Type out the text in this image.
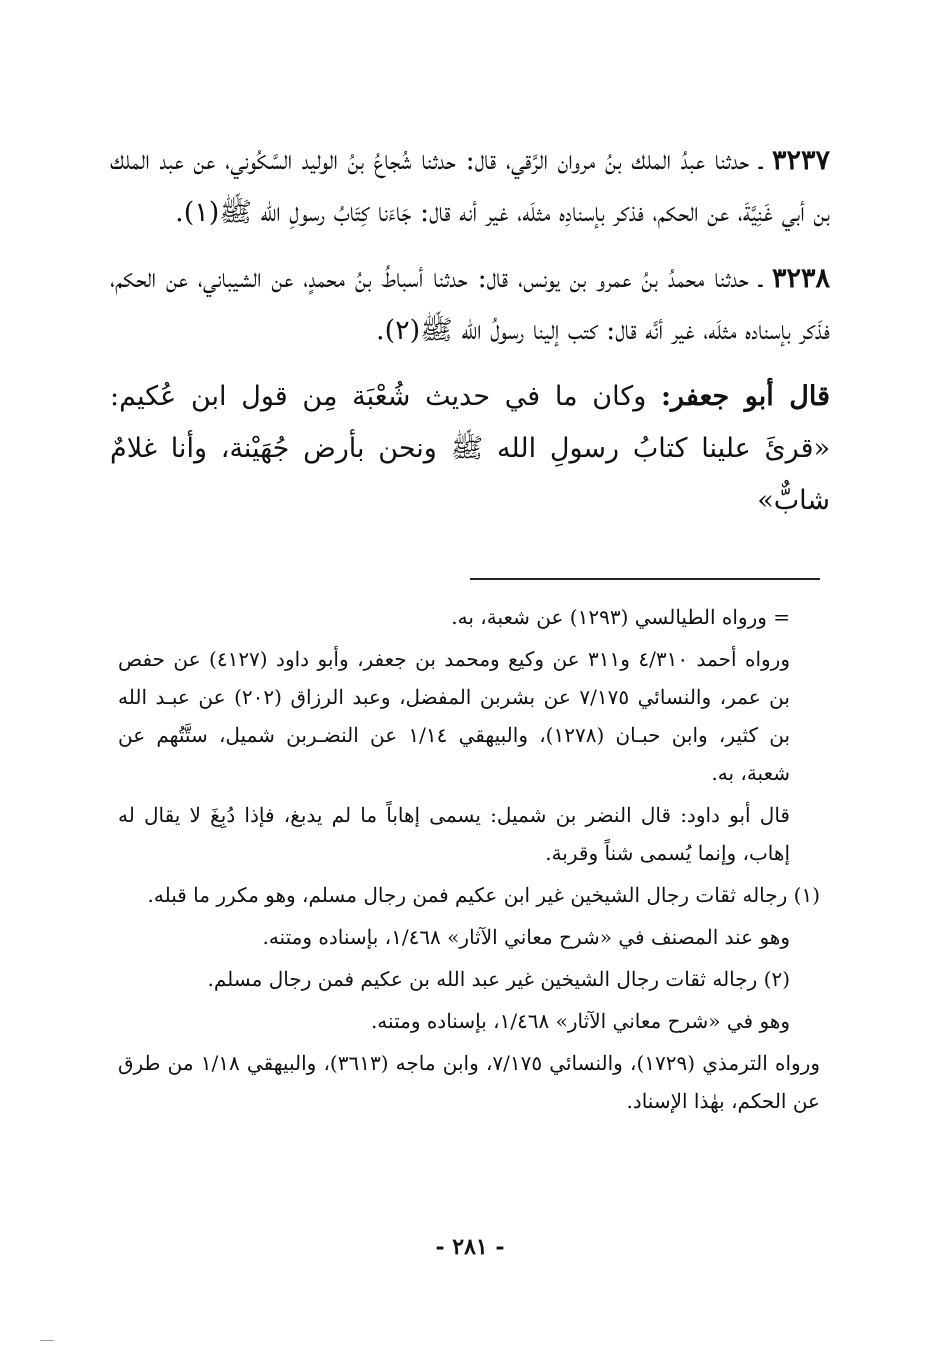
٣٢٣٧ ـ حدثنا عبدُ الملك بنُ مروان الرَّقي، قال: حدثنا شُجاعُ بنُ الوليد السَّكُوني، عن عبد الملك بن أبي غَنِيَّةَ، عن الحكم، فذكر بإسنادِه مثلَه، غير أنه قال: جَاءَنا كِتَابُ رسولِ الله ﷺ(١).

٣٢٣٨ ـ حدثنا محمدُ بنُ عمرو بن يونس، قال: حدثنا أسباطُ بنُ محمدٍ، عن الشيباني، عن الحكم، فذَكر بإسناده مثلَه، غير أنَّه قال: كتب إلينا رسولُ الله ﷺ(٢).

قال أبو جعفر: وكان ما في حديث شُعْبَة مِن قول ابن عُكيم: «قرئَ علينا كتابُ رسولِ الله ﷺ ونحن بأرض جُهَيْنة، وأنا غلامٌ شابٌّ»

= ورواه الطيالسي (١٢٩٣) عن شعبة، به.

ورواه أحمد ٤/٣١٠ و٣١١ عن وكيع ومحمد بن جعفر، وأبو داود (٤١٢٧) عن حفص بن عمر، والنسائي ٧/١٧٥ عن بشربن المفضل، وعبد الرزاق (٢٠٢) عن عبـد الله بن كثير، وابن حبـان (١٢٧٨)، والبيهقي ١/١٤ عن النضـربن شميل، ستَّتُهم عن شعبة، به.

قال أبو داود: قال النضر بن شميل: يسمى إهاباً ما لم يدبغ، فإذا دُبِغَ لا يقال له إهاب، وإنما يُسمى شناً وقربة.

(١) رجاله ثقات رجال الشيخين غير ابن عكيم فمن رجال مسلم، وهو مكرر ما قبله.

وهو عند المصنف في «شرح معاني الآثار» ١/٤٦٨، بإسناده ومتنه.

(٢) رجاله ثقات رجال الشيخين غير عبد الله بن عكيم فمن رجال مسلم.

وهو في «شرح معاني الآثار» ١/٤٦٨، بإسناده ومتنه.

ورواه الترمذي (١٧٢٩)، والنسائي ٧/١٧٥، وابن ماجه (٣٦١٣)، والبيهقي ١/١٨ من طرق عن الحكم، بهٰذا الإسناد.

- ٢٨١ -
